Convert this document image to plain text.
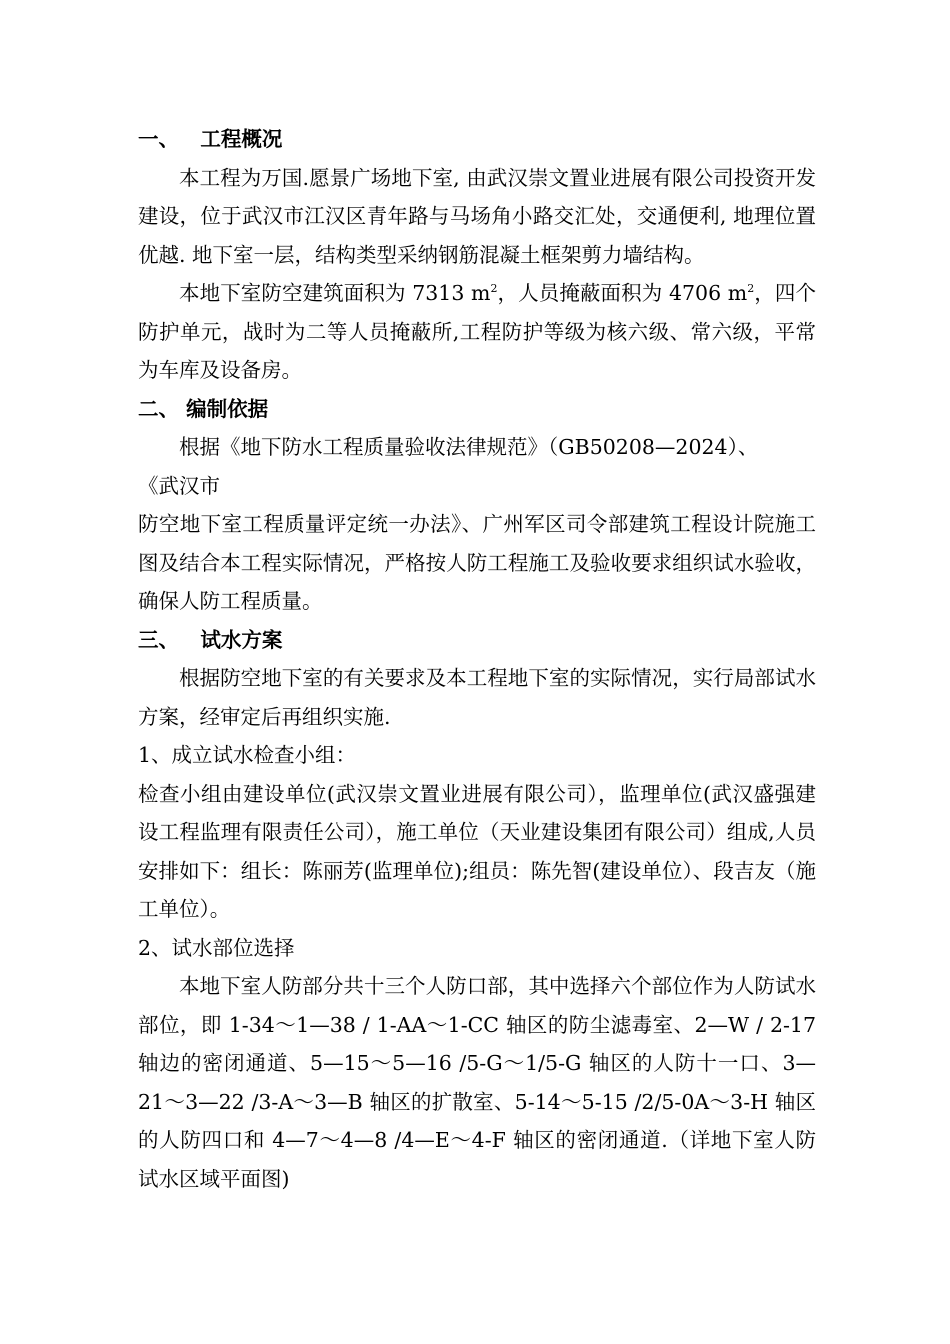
一、   工程概况

本工程为万国.愿景广场地下室, 由武汉崇文置业进展有限公司投资开发建设，位于武汉市江汉区青年路与马场角小路交汇处，交通便利, 地理位置优越. 地下室一层，结构类型采纳钢筋混凝土框架剪力墙结构。

本地下室防空建筑面积为 7313 $m^2$，人员掩蔽面积为 4706 $m^2$，四个防护单元，战时为二等人员掩蔽所,工程防护等级为核六级、常六级，平常为车库及设备房。

二、 编制依据

根据《地下防水工程质量验收法律规范》（GB50208—2024）、

《武汉市

防空地下室工程质量评定统一办法》、广州军区司令部建筑工程设计院施工图及结合本工程实际情况，严格按人防工程施工及验收要求组织试水验收，确保人防工程质量。

三、   试水方案

根据防空地下室的有关要求及本工程地下室的实际情况，实行局部试水方案，经审定后再组织实施.

1、成立试水检查小组：

检查小组由建设单位(武汉崇文置业进展有限公司），监理单位(武汉盛强建设工程监理有限责任公司），施工单位（天业建设集团有限公司）组成,人员安排如下：组长：陈丽芳(监理单位);组员：陈先智(建设单位）、段吉友（施工单位）。

2、试水部位选择

本地下室人防部分共十三个人防口部，其中选择六个部位作为人防试水部位，即 1-34～1—38 / 1-AA～1-CC 轴区的防尘滤毒室、2—W / 2-17 轴边的密闭通道、5—15～5—16 /5-G～1/5-G 轴区的人防十一口、3—21～3—22 /3-A～3—B 轴区的扩散室、5-14～5-15 /2/5-0A～3-H 轴区的人防四口和 4—7～4—8 /4—E～4-F 轴区的密闭通道.（详地下室人防试水区域平面图)
